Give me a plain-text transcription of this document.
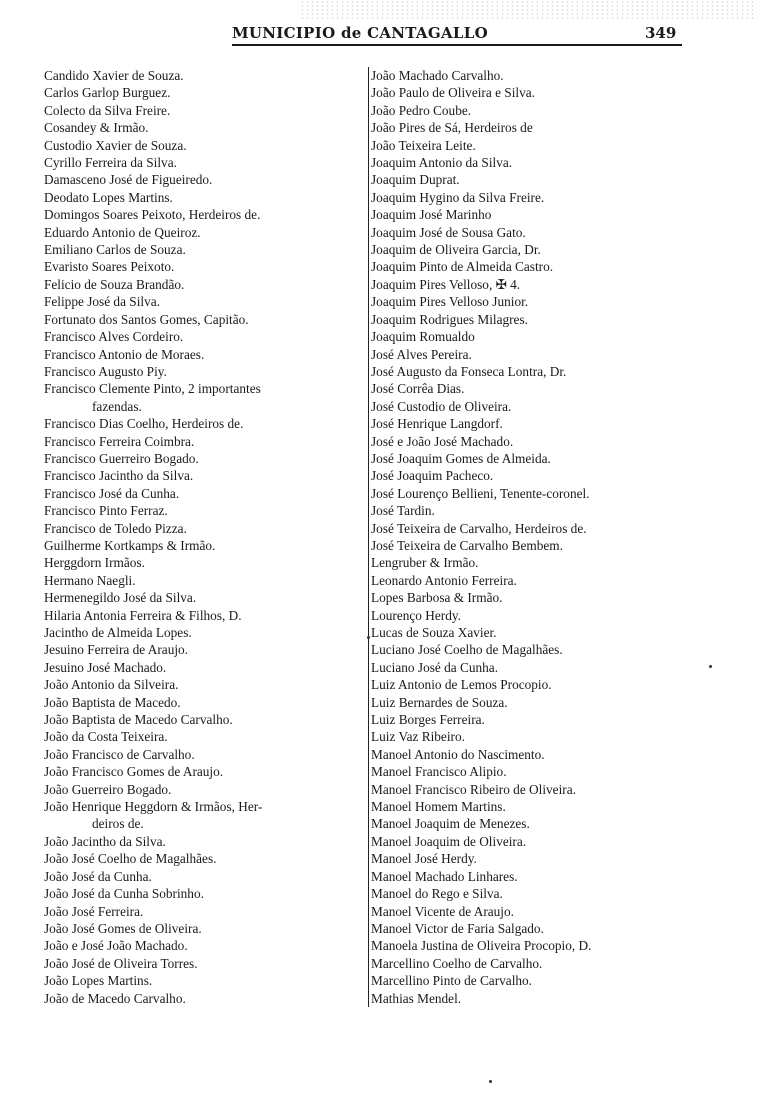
MUNICIPIO de CANTAGALLO	349
Candido Xavier de Souza.
Carlos Garlop Burguez.
Colecto da Silva Freire.
Cosandey & Irmão.
Custodio Xavier de Souza.
Cyrillo Ferreira da Silva.
Damasceno José de Figueiredo.
Deodato Lopes Martins.
Domingos Soares Peixoto, Herdeiros de.
Eduardo Antonio de Queiroz.
Emiliano Carlos de Souza.
Evaristo Soares Peixoto.
Felicio de Souza Brandão.
Felippe José da Silva.
Fortunato dos Santos Gomes, Capitão.
Francisco Alves Cordeiro.
Francisco Antonio de Moraes.
Francisco Augusto Piy.
Francisco Clemente Pinto, 2 importantes
fazendas.
Francisco Dias Coelho, Herdeiros de.
Francisco Ferreira Coimbra.
Francisco Guerreiro Bogado.
Francisco Jacintho da Silva.
Francisco José da Cunha.
Francisco Pinto Ferraz.
Francisco de Toledo Pizza.
Guilherme Kortkamps & Irmão.
Herggdorn Irmãos.
Hermano Naegli.
Hermenegildo José da Silva.
Hilaria Antonia Ferreira & Filhos, D.
Jacintho de Almeida Lopes.
Jesuino Ferreira de Araujo.
Jesuino José Machado.
João Antonio da Silveira.
João Baptista de Macedo.
João Baptista de Macedo Carvalho.
João da Costa Teixeira.
João Francisco de Carvalho.
João Francisco Gomes de Araujo.
João Guerreiro Bogado.
João Henrique Heggdorn & Irmãos, Her-
deiros de.
João Jacintho da Silva.
João José Coelho de Magalhães.
João José da Cunha.
João José da Cunha Sobrinho.
João José Ferreira.
João José Gomes de Oliveira.
João e José João Machado.
João José de Oliveira Torres.
João Lopes Martins.
João de Macedo Carvalho.
João Machado Carvalho.
João Paulo de Oliveira e Silva.
João Pedro Coube.
João Pires de Sá, Herdeiros de
João Teixeira Leite.
Joaquim Antonio da Silva.
Joaquim Duprat.
Joaquim Hygino da Silva Freire.
Joaquim José Marinho
Joaquim José de Sousa Gato.
Joaquim de Oliveira Garcia, Dr.
Joaquim Pinto de Almeida Castro.
Joaquim Pires Velloso, ✠ 4.
Joaquim Pires Velloso Junior.
Joaquim Rodrigues Milagres.
Joaquim Romualdo
José Alves Pereira.
José Augusto da Fonseca Lontra, Dr.
José Corrêa Dias.
José Custodio de Oliveira.
José Henrique Langdorf.
José e João José Machado.
José Joaquim Gomes de Almeida.
José Joaquim Pacheco.
José Lourenço Bellieni, Tenente-coronel.
José Tardin.
José Teixeira de Carvalho, Herdeiros de.
José Teixeira de Carvalho Bembem.
Lengruber & Irmão.
Leonardo Antonio Ferreira.
Lopes Barbosa & Irmão.
Lourenço Herdy.
Lucas de Souza Xavier.
Luciano José Coelho de Magalhães.
Luciano José da Cunha.
Luiz Antonio de Lemos Procopio.
Luiz Bernardes de Souza.
Luiz Borges Ferreira.
Luiz Vaz Ribeiro.
Manoel Antonio do Nascimento.
Manoel Francisco Alipio.
Manoel Francisco Ribeiro de Oliveira.
Manoel Homem Martins.
Manoel Joaquim de Menezes.
Manoel Joaquim de Oliveira.
Manoel José Herdy.
Manoel Machado Linhares.
Manoel do Rego e Silva.
Manoel Vicente de Araujo.
Manoel Victor de Faria Salgado.
Manoela Justina de Oliveira Procopio, D.
Marcellino Coelho de Carvalho.
Marcellino Pinto de Carvalho.
Mathias Mendel.
